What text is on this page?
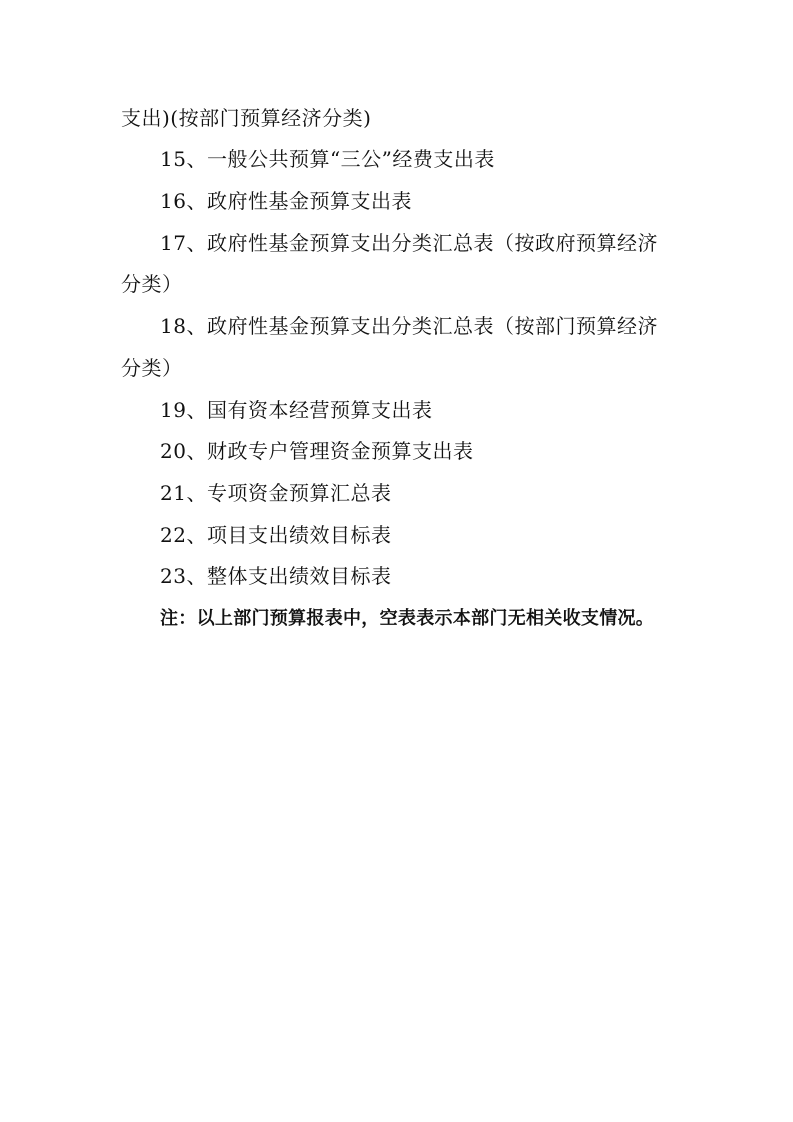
支出)(按部门预算经济分类)
15、一般公共预算“三公”经费支出表
16、政府性基金预算支出表
17、政府性基金预算支出分类汇总表（按政府预算经济
分类）
18、政府性基金预算支出分类汇总表（按部门预算经济
分类）
19、国有资本经营预算支出表
20、财政专户管理资金预算支出表
21、专项资金预算汇总表
22、项目支出绩效目标表
23、整体支出绩效目标表
注：以上部门预算报表中，空表表示本部门无相关收支情况。
